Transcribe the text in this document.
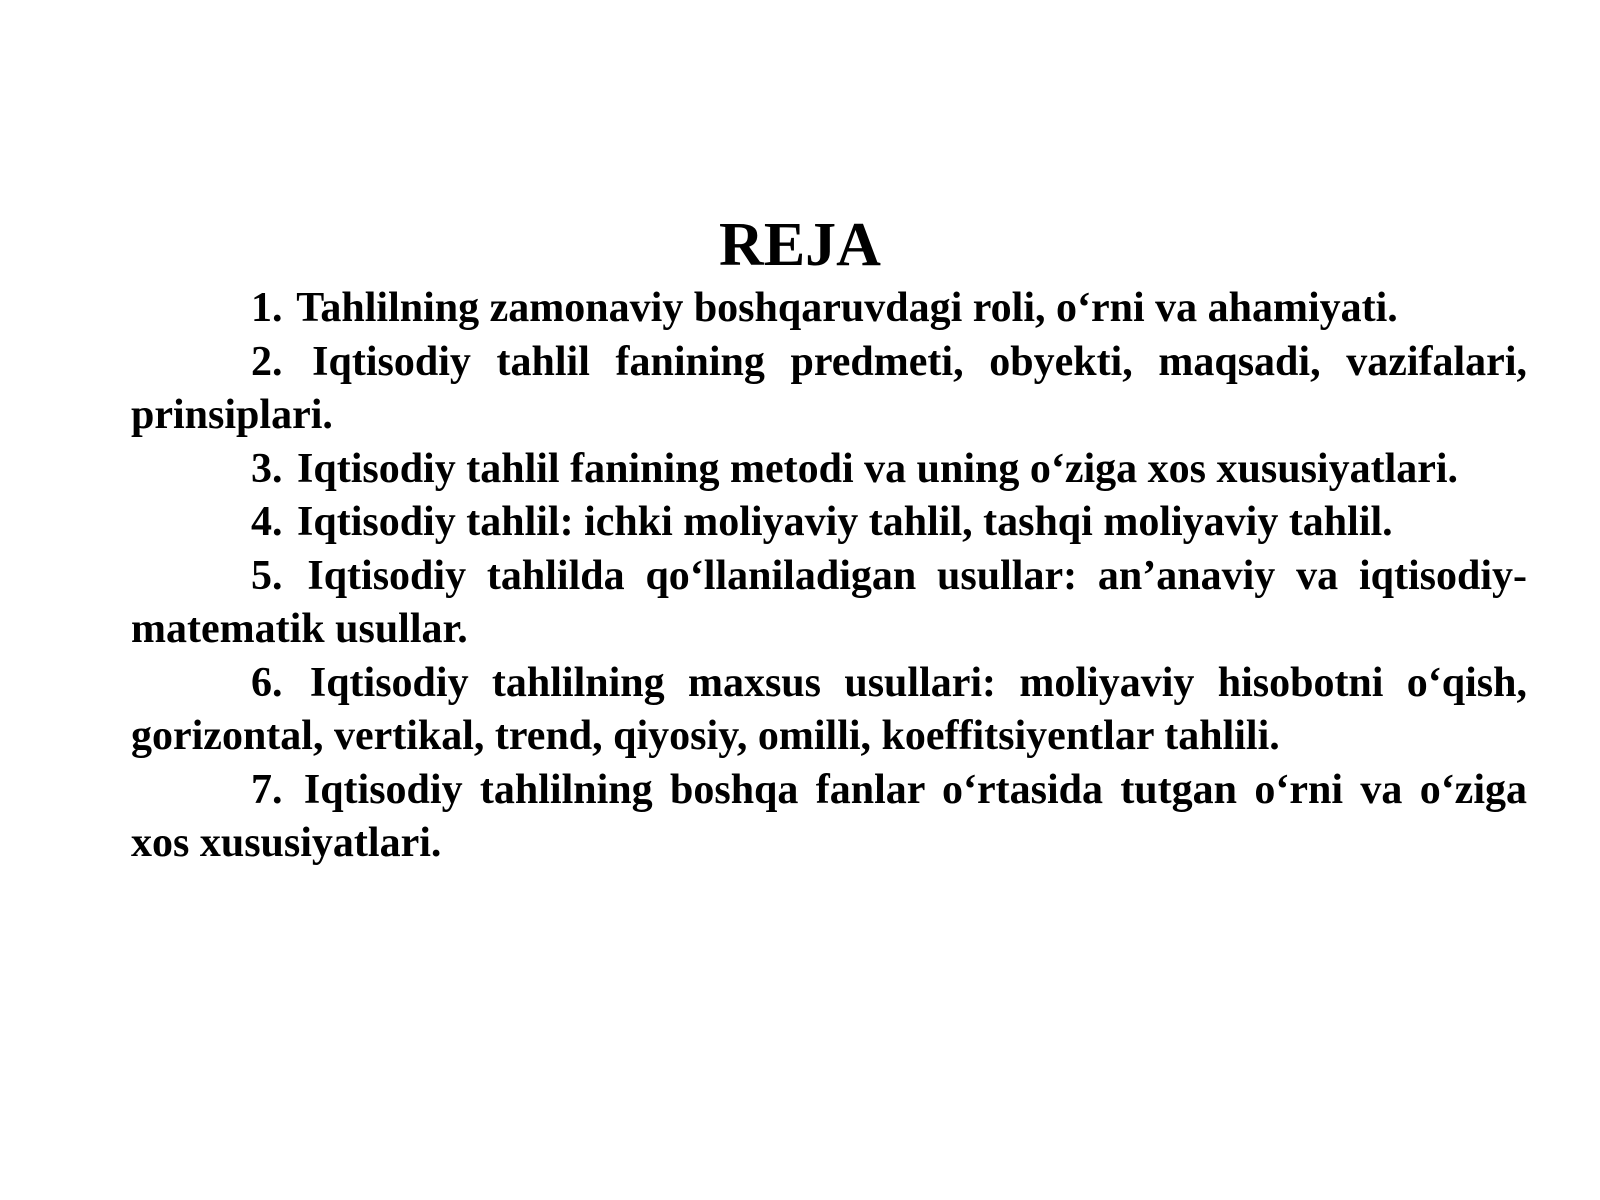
REJA
1. Tahlilning zamonaviy boshqaruvdagi roli, o‘rni va ahamiyati.
2. Iqtisodiy tahlil fanining predmeti, obyekti, maqsadi, vazifalari, prinsiplari.
3. Iqtisodiy tahlil fanining metodi va uning o‘ziga xos xususiyatlari.
4. Iqtisodiy tahlil: ichki moliyaviy tahlil, tashqi moliyaviy tahlil.
5. Iqtisodiy tahlilda qo‘llaniladigan usullar: an’anaviy va iqtisodiy-matematik usullar.
6. Iqtisodiy tahlilning maxsus usullari: moliyaviy hisobotni o‘qish, gorizontal, vertikal, trend, qiyosiy, omilli, koeffitsiyentlar tahlili.
7. Iqtisodiy tahlilning boshqa fanlar o‘rtasida tutgan o‘rni va o‘ziga xos xususiyatlari.
